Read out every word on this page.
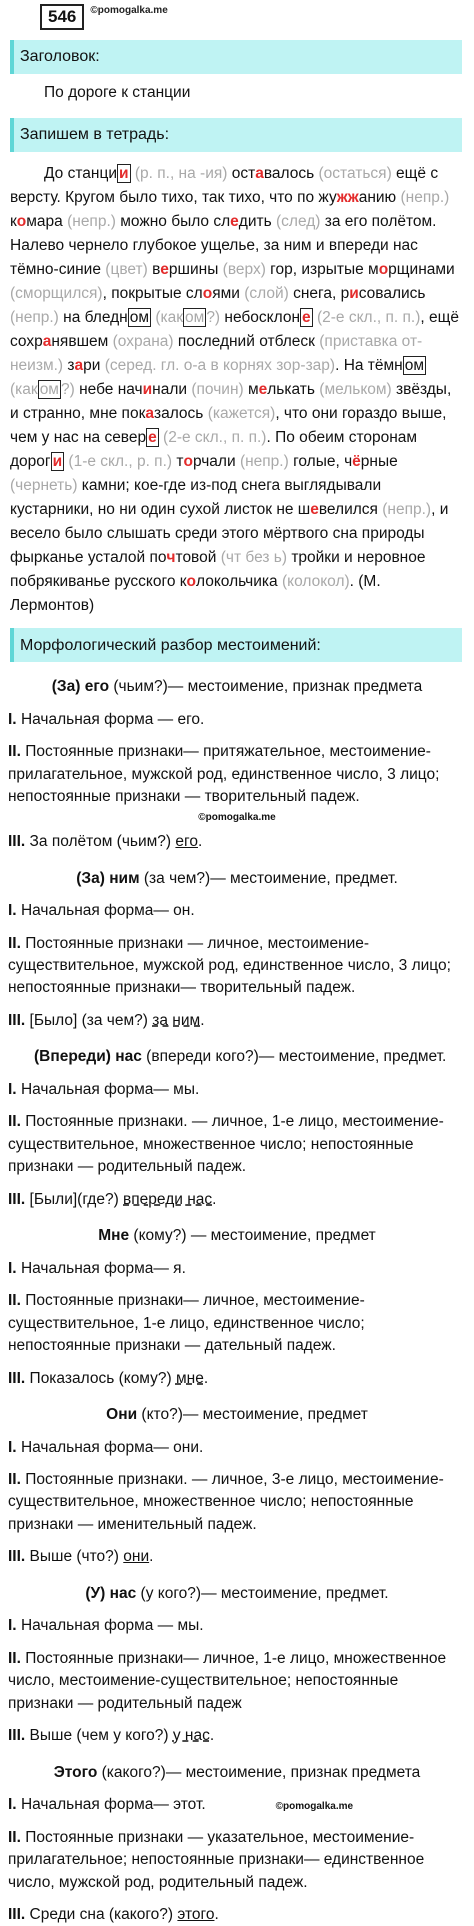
546	©pomogalka.me
Заголовок:
По дороге к станции
Запишем в тетрадь:
До станци и (р. п., на -ия) оставалось (остаться) ещё с версту. Кругом было тихо, так тихо, что по жужжанию (непр.) комара (непр.) можно было следить (след) за его полётом. Налево чернело глубокое ущелье, за ним и впереди нас тёмно-синие (цвет) вершины (верх) гор, изрытые морщинами (сморщился), покрытые слоями (слой) снега, рисовались (непр.) на бледн ом (как ом ?) небосклон е (2-е скл., п. п.), ещё сохранявшем (охрана) последний отблеск (приставка от- неизм.) зари (серед. гл. о-а в корнях зор-зар). На тёмн ом (как ом ?) небе начинали (почин) мелькать (мельком) звёзды, и странно, мне показалось (кажется), что они гораздо выше, чем у нас на север е (2-е скл., п. п.). По обеим сторонам дорог и (1-е скл., р. п.) торчали (непр.) голые, чёрные (чернеть) камни; кое-где из-под снега выглядывали кустарники, но ни один сухой листок не шевелился (непр.), и весело было слышать среди этого мёртвого сна природы фырканье усталой почтовой (чт без ь) тройки и неровное побрякиванье русского колокольчика (колокол). (М. Лермонтов)
Морфологический разбор местоимений:
(За) его (чьим?)— местоимение, признак предмета

I. Начальная форма — его.

II. Постоянные признаки— притяжательное, местоимение-прилагательное, мужской род, единственное число, 3 лицо; непостоянные признаки — творительный падеж.

©pomogalka.me

III. За полётом (чьим?) его.

(За) ним (за чем?)— местоимение, предмет.

I. Начальная форма— он.

II. Постоянные признаки — личное, местоимение-существительное, мужской род, единственное число, 3 лицо; непостоянные признаки— творительный падеж.

III. [Было] (за чем?) за ним.

(Впереди) нас (впереди кого?)— местоимение, предмет.

I. Начальная форма— мы.

II. Постоянные признаки. — личное, 1-е лицо, местоимение-существительное, множественное число; непостоянные признаки — родительный падеж.

III. [Были](где?) впереди нас.

Мне (кому?) — местоимение, предмет

I. Начальная форма— я.

II. Постоянные признаки— личное, местоимение-существительное, 1-е лицо, единственное число; непостоянные признаки — дательный падеж.

III. Показалось (кому?) мне.

Они (кто?)— местоимение, предмет

I. Начальная форма— они.

II. Постоянные признаки. — личное, 3-е лицо, местоимение-существительное, множественное число; непостоянные признаки — именительный падеж.

III. Выше (что?) они.

(У) нас (у кого?)— местоимение, предмет.

I. Начальная форма — мы.

II. Постоянные признаки— личное, 1-е лицо, множественное число, местоимение-существительное; непостоянные признаки — родительный падеж

III. Выше (чем у кого?) у нас.

Этого (какого?)— местоимение, признак предмета

I. Начальная форма— этот.	©pomogalka.me

II. Постоянные признаки — указательное, местоимение-прилагательное; непостоянные признаки— единственное число, мужской род, родительный падеж.

III. Среди сна (какого?) этого.
